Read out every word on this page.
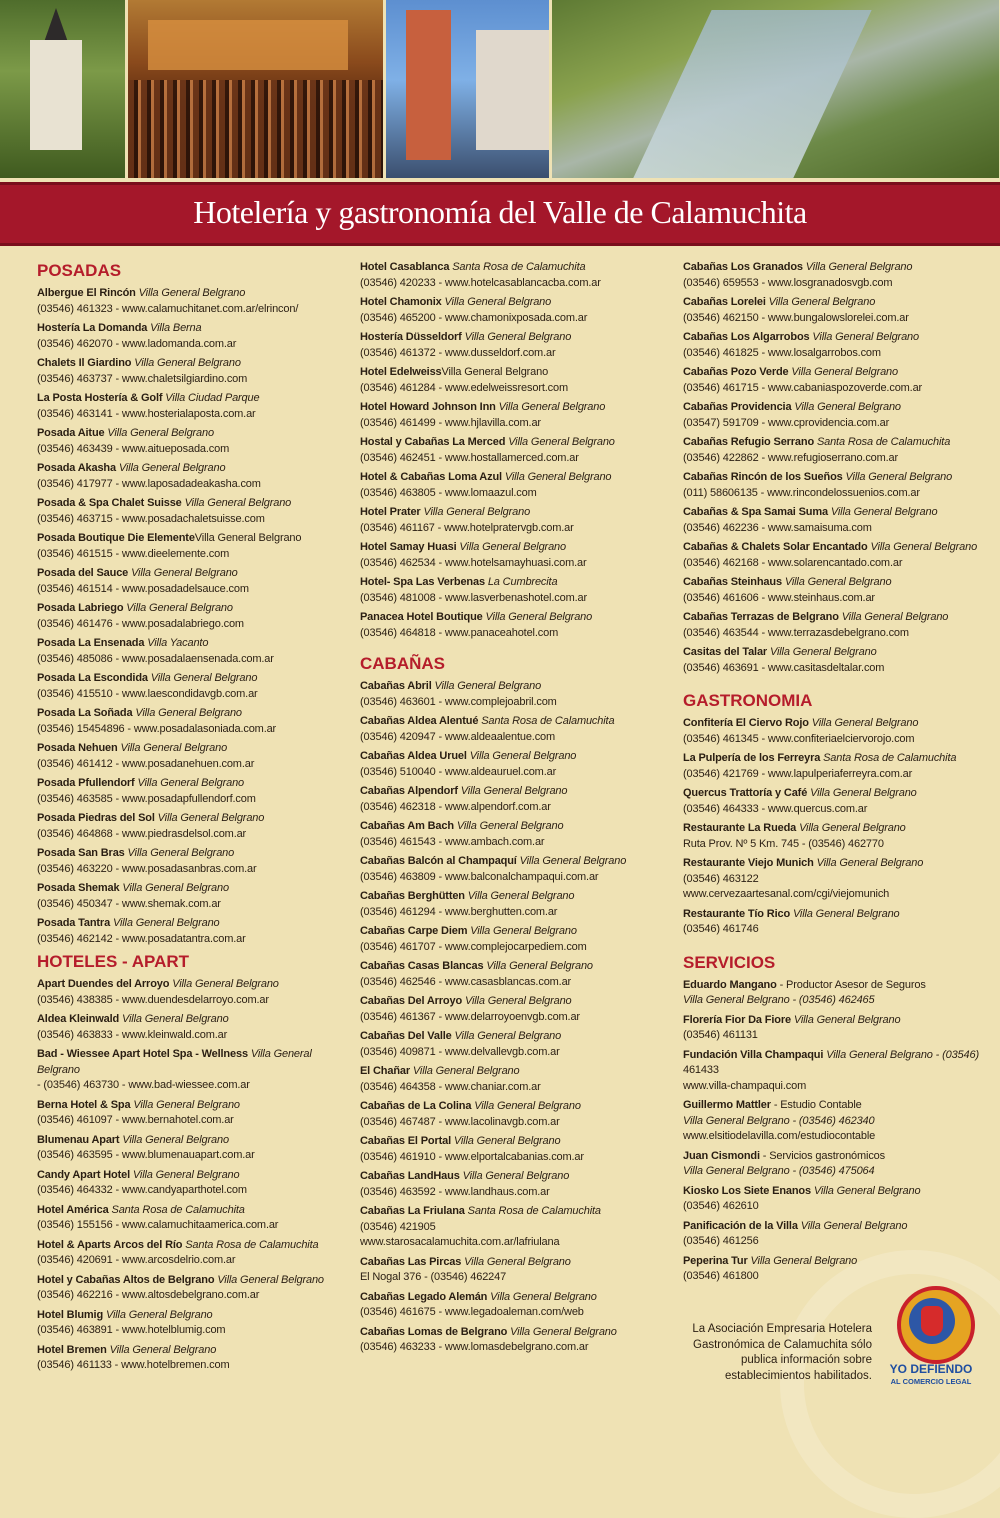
Hotelería y gastronomía del Valle de Calamuchita
POSADAS
Albergue El Rincón Villa General Belgrano
(03546) 461323 - www.calamuchitanet.com.ar/elrincon/
Hostería La Domanda Villa Berna
(03546) 462070 - www.ladomanda.com.ar
Chalets Il Giardino Villa General Belgrano
(03546) 463737 - www.chaletsilgiardino.com
La Posta Hostería & Golf Villa Ciudad Parque
(03546) 463141 - www.hosterialaposta.com.ar
Posada Aitue Villa General Belgrano
(03546) 463439 - www.aitueposada.com
Posada Akasha Villa General Belgrano
(03546) 417977 - www.laposadadeakasha.com
Posada & Spa Chalet Suisse Villa General Belgrano
(03546) 463715 - www.posadachaletsuisse.com
Posada Boutique Die ElementeVilla General Belgrano
(03546) 461515 - www.dieelemente.com
Posada del Sauce Villa General Belgrano
(03546) 461514 - www.posadadelsauce.com
Posada Labriego Villa General Belgrano
(03546) 461476 - www.posadalabriego.com
Posada La Ensenada Villa Yacanto
(03546) 485086 - www.posadalaensenada.com.ar
Posada La Escondida Villa General Belgrano
(03546) 415510 - www.laescondidavgb.com.ar
Posada La Soñada Villa General Belgrano
(03546) 15454896 - www.posadalasoniada.com.ar
Posada Nehuen Villa General Belgrano
(03546) 461412 - www.posadanehuen.com.ar
Posada Pfullendorf Villa General Belgrano
(03546) 463585 - www.posadapfullendorf.com
Posada Piedras del Sol Villa General Belgrano
(03546) 464868 - www.piedrasdelsol.com.ar
Posada San Bras Villa General Belgrano
(03546) 463220 - www.posadasanbras.com.ar
Posada Shemak Villa General Belgrano
(03546) 450347 - www.shemak.com.ar
Posada Tantra Villa General Belgrano
(03546) 462142 - www.posadatantra.com.ar
HOTELES - APART
Apart Duendes del Arroyo Villa General Belgrano
(03546) 438385 - www.duendesdelarroyo.com.ar
Aldea Kleinwald Villa General Belgrano
(03546) 463833 - www.kleinwald.com.ar
Bad - Wiessee Apart Hotel Spa - Wellness Villa General Belgrano
- (03546) 463730 - www.bad-wiessee.com.ar
Berna Hotel & Spa Villa General Belgrano
(03546) 461097 - www.bernahotel.com.ar
Blumenau Apart Villa General Belgrano
(03546) 463595 - www.blumenauapart.com.ar
Candy Apart Hotel Villa General Belgrano
(03546) 464332 - www.candyaparthotel.com
Hotel América Santa Rosa de Calamuchita
(03546) 155156 - www.calamuchitaamerica.com.ar
Hotel & Aparts Arcos del Río Santa Rosa de Calamuchita
(03546) 420691 - www.arcosdelrio.com.ar
Hotel y Cabañas Altos de Belgrano Villa General Belgrano
(03546) 462216 - www.altosdebelgrano.com.ar
Hotel Blumig Villa General Belgrano
(03546) 463891 - www.hotelblumig.com
Hotel Bremen Villa General Belgrano
(03546) 461133 - www.hotelbremen.com
Hotel Casablanca Santa Rosa de Calamuchita
(03546) 420233 - www.hotelcasablancacba.com.ar
Hotel Chamonix Villa General Belgrano
(03546) 465200 - www.chamonixposada.com.ar
Hostería Düsseldorf Villa General Belgrano
(03546) 461372 - www.dusseldorf.com.ar
Hotel EdelweissVilla General Belgrano
(03546) 461284 - www.edelweissresort.com
Hotel Howard Johnson Inn Villa General Belgrano
(03546) 461499 - www.hjlavilla.com.ar
Hostal y Cabañas La Merced Villa General Belgrano
(03546) 462451 - www.hostallamerced.com.ar
Hotel & Cabañas Loma Azul Villa General Belgrano
(03546) 463805 - www.lomaazul.com
Hotel Prater Villa General Belgrano
(03546) 461167 - www.hotelpratervgb.com.ar
Hotel Samay Huasi Villa General Belgrano
(03546) 462534 - www.hotelsamayhuasi.com.ar
Hotel- Spa Las Verbenas La Cumbrecita
(03546) 481008 - www.lasverbenashotel.com.ar
Panacea Hotel Boutique Villa General Belgrano
(03546) 464818 - www.panaceahotel.com
CABAÑAS
Cabañas Abril Villa General Belgrano
(03546) 463601 - www.complejoabril.com
Cabañas Aldea Alentué Santa Rosa de Calamuchita
(03546) 420947 - www.aldeaalentue.com
Cabañas Aldea Uruel Villa General Belgrano
(03546) 510040 - www.aldeauruel.com.ar
Cabañas Alpendorf Villa General Belgrano
(03546) 462318 - www.alpendorf.com.ar
Cabañas Am Bach Villa General Belgrano
(03546) 461543 - www.ambach.com.ar
Cabañas Balcón al Champaquí Villa General Belgrano
(03546) 463809 - www.balconalchampaqui.com.ar
Cabañas Berghütten Villa General Belgrano
(03546) 461294 - www.berghutten.com.ar
Cabañas Carpe Diem Villa General Belgrano
(03546) 461707 - www.complejocarpediem.com
Cabañas Casas Blancas Villa General Belgrano
(03546) 462546 - www.casasblancas.com.ar
Cabañas Del Arroyo Villa General Belgrano
(03546) 461367 - www.delarroyoenvgb.com.ar
Cabañas Del Valle Villa General Belgrano
(03546) 409871 - www.delvallevgb.com.ar
El Chañar Villa General Belgrano
(03546) 464358 - www.chaniar.com.ar
Cabañas de La Colina Villa General Belgrano
(03546) 467487 - www.lacolinavgb.com.ar
Cabañas El Portal Villa General Belgrano
(03546) 461910 - www.elportalcabanias.com.ar
Cabañas LandHaus Villa General Belgrano
(03546) 463592 - www.landhaus.com.ar
Cabañas La Friulana Santa Rosa de Calamuchita
(03546) 421905
www.starosacalamuchita.com.ar/lafriulana
Cabañas Las Pircas Villa General Belgrano
El Nogal 376 - (03546) 462247
Cabañas Legado Alemán Villa General Belgrano
(03546) 461675 - www.legadoaleman.com/web
Cabañas Lomas de Belgrano Villa General Belgrano
(03546) 463233 - www.lomasdebelgrano.com.ar
Cabañas Los Granados Villa General Belgrano
(03546) 659553 - www.losgranadosvgb.com
Cabañas Lorelei Villa General Belgrano
(03546) 462150 - www.bungalowslorelei.com.ar
Cabañas Los Algarrobos Villa General Belgrano
(03546) 461825 - www.losalgarrobos.com
Cabañas Pozo Verde Villa General Belgrano
(03546) 461715 - www.cabaniaspozoverde.com.ar
Cabañas Providencia Villa General Belgrano
(03547) 591709 - www.cprovidencia.com.ar
Cabañas Refugio Serrano Santa Rosa de Calamuchita
(03546) 422862 - www.refugioserrano.com.ar
Cabañas Rincón de los Sueños Villa General Belgrano
(011) 58606135 - www.rincondelossuenios.com.ar
Cabañas & Spa Samai Suma Villa General Belgrano
(03546) 462236 - www.samaisuma.com
Cabañas & Chalets Solar Encantado Villa General Belgrano
(03546) 462168 - www.solarencantado.com.ar
Cabañas Steinhaus Villa General Belgrano
(03546) 461606 - www.steinhaus.com.ar
Cabañas Terrazas de Belgrano Villa General Belgrano
(03546) 463544 - www.terrazasdebelgrano.com
Casitas del Talar Villa General Belgrano
(03546) 463691 - www.casitasdeltalar.com
GASTRONOMIA
Confitería El Ciervo Rojo Villa General Belgrano
(03546) 461345 - www.confiteriaelciervorojo.com
La Pulpería de los Ferreyra Santa Rosa de Calamuchita
(03546) 421769 - www.lapulperiaferreyra.com.ar
Quercus Trattoría y Café Villa General Belgrano
(03546) 464333 - www.quercus.com.ar
Restaurante La Rueda Villa General Belgrano
Ruta Prov. Nº 5 Km. 745 - (03546) 462770
Restaurante Viejo Munich Villa General Belgrano
(03546) 463122
www.cervezaartesanal.com/cgi/viejomunich
Restaurante Tío Rico Villa General Belgrano
(03546) 461746
SERVICIOS
Eduardo Mangano - Productor Asesor de Seguros
Villa General Belgrano - (03546) 462465
Florería Fior Da Fiore Villa General Belgrano
(03546) 461131
Fundación Villa Champaqui Villa General Belgrano - (03546)
461433
www.villa-champaqui.com
Guillermo Mattler - Estudio Contable
Villa General Belgrano - (03546) 462340
www.elsitiodelavilla.com/estudiocontable
Juan Cismondi - Servicios gastronómicos
Villa General Belgrano - (03546) 475064
Kiosko Los Siete Enanos Villa General Belgrano
(03546) 462610
Panificación de la Villa Villa General Belgrano
(03546) 461256
Peperina Tur Villa General Belgrano
(03546) 461800
La Asociación Empresaria Hotelera Gastronómica de Calamuchita sólo publica información sobre establecimientos habilitados.	YO DEFIENDO
AL COMERCIO LEGAL
